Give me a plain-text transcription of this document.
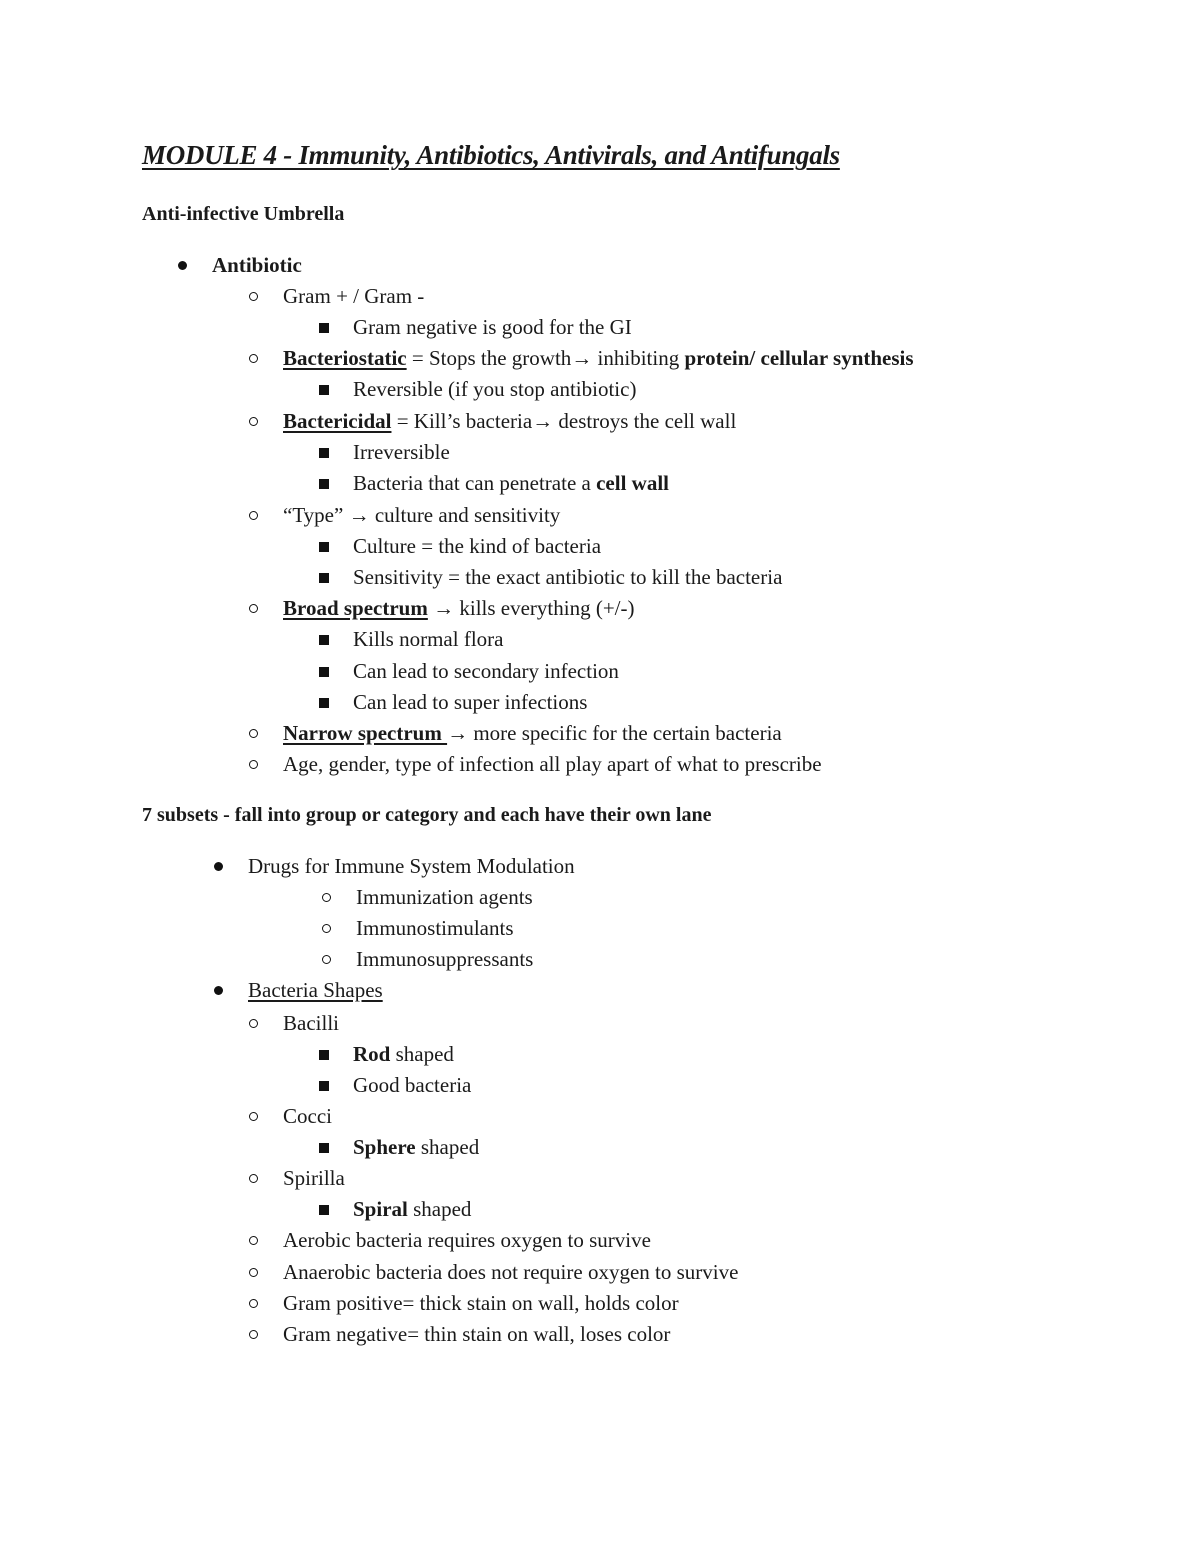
MODULE 4 - Immunity, Antibiotics, Antivirals, and Antifungals
Anti-infective Umbrella
Antibiotic
Gram + / Gram -
Gram negative is good for the GI
Bacteriostatic = Stops the growth→ inhibiting protein/ cellular synthesis
Reversible (if you stop antibiotic)
Bactericidal = Kill’s bacteria→ destroys the cell wall
Irreversible
Bacteria that can penetrate a cell wall
“Type” → culture and sensitivity
Culture = the kind of bacteria
Sensitivity = the exact antibiotic to kill the bacteria
Broad spectrum → kills everything (+/-)
Kills normal flora
Can lead to secondary infection
Can lead to super infections
Narrow spectrum → more specific for the certain bacteria
Age, gender, type of infection all play apart of what to prescribe
7 subsets - fall into group or category and each have their own lane
Drugs for Immune System Modulation
Immunization agents
Immunostimulants
Immunosuppressants
Bacteria Shapes
Bacilli
Rod shaped
Good bacteria
Cocci
Sphere shaped
Spirilla
Spiral shaped
Aerobic bacteria requires oxygen to survive
Anaerobic bacteria does not require oxygen to survive
Gram positive= thick stain on wall, holds color
Gram negative= thin stain on wall, loses color
